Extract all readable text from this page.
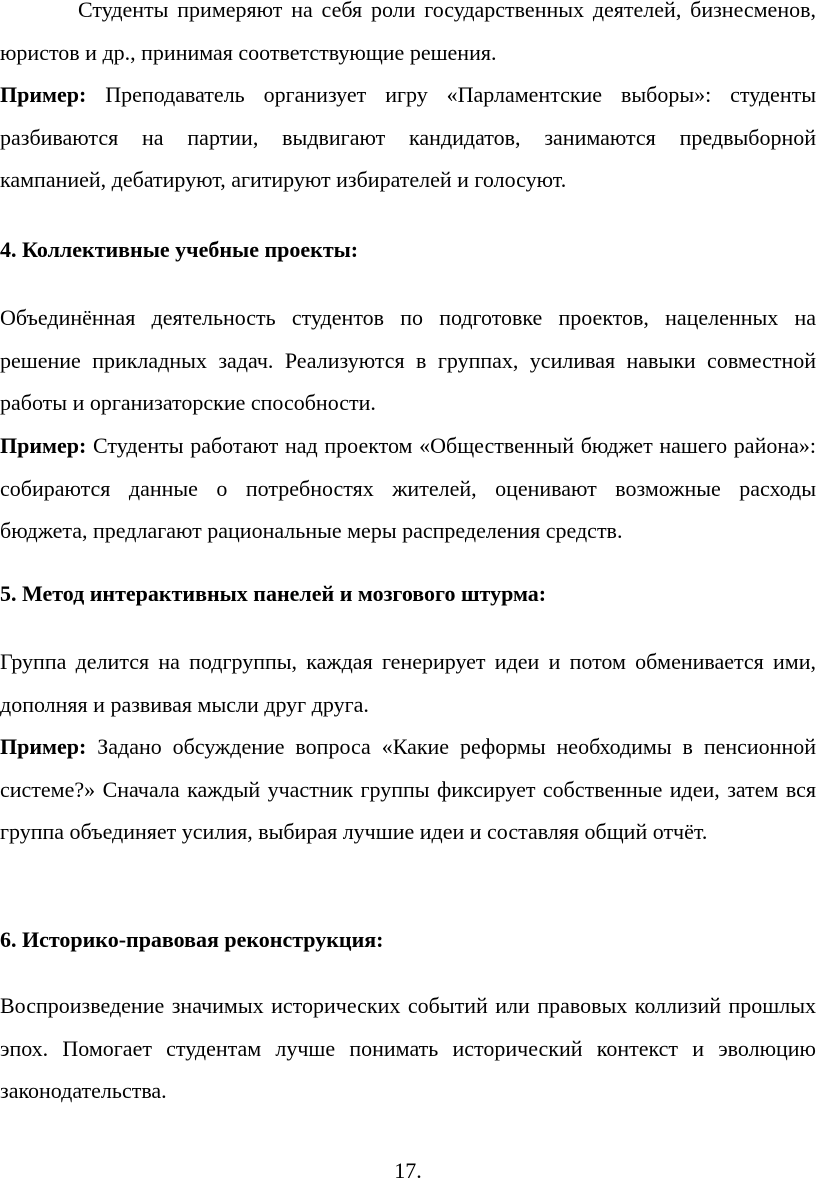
Студенты примеряют на себя роли государственных деятелей, бизнесменов, юристов и др., принимая соответствующие решения.

Пример: Преподаватель организует игру «Парламентские выборы»: студенты разбиваются на партии, выдвигают кандидатов, занимаются предвыборной кампанией, дебатируют, агитируют избирателей и голосуют.

4. Коллективные учебные проекты:

Объединённая деятельность студентов по подготовке проектов, нацеленных на решение прикладных задач. Реализуются в группах, усиливая навыки совместной работы и организаторские способности.

Пример: Студенты работают над проектом «Общественный бюджет нашего района»: собираются данные о потребностях жителей, оценивают возможные расходы бюджета, предлагают рациональные меры распределения средств.

5. Метод интерактивных панелей и мозгового штурма:

Группа делится на подгруппы, каждая генерирует идеи и потом обменивается ими, дополняя и развивая мысли друг друга.

Пример: Задано обсуждение вопроса «Какие реформы необходимы в пенсионной системе?» Сначала каждый участник группы фиксирует собственные идеи, затем вся группа объединяет усилия, выбирая лучшие идеи и составляя общий отчёт.

6. Историко-правовая реконструкция:

Воспроизведение значимых исторических событий или правовых коллизий прошлых эпох. Помогает студентам лучше понимать исторический контекст и эволюцию законодательства.

17.
